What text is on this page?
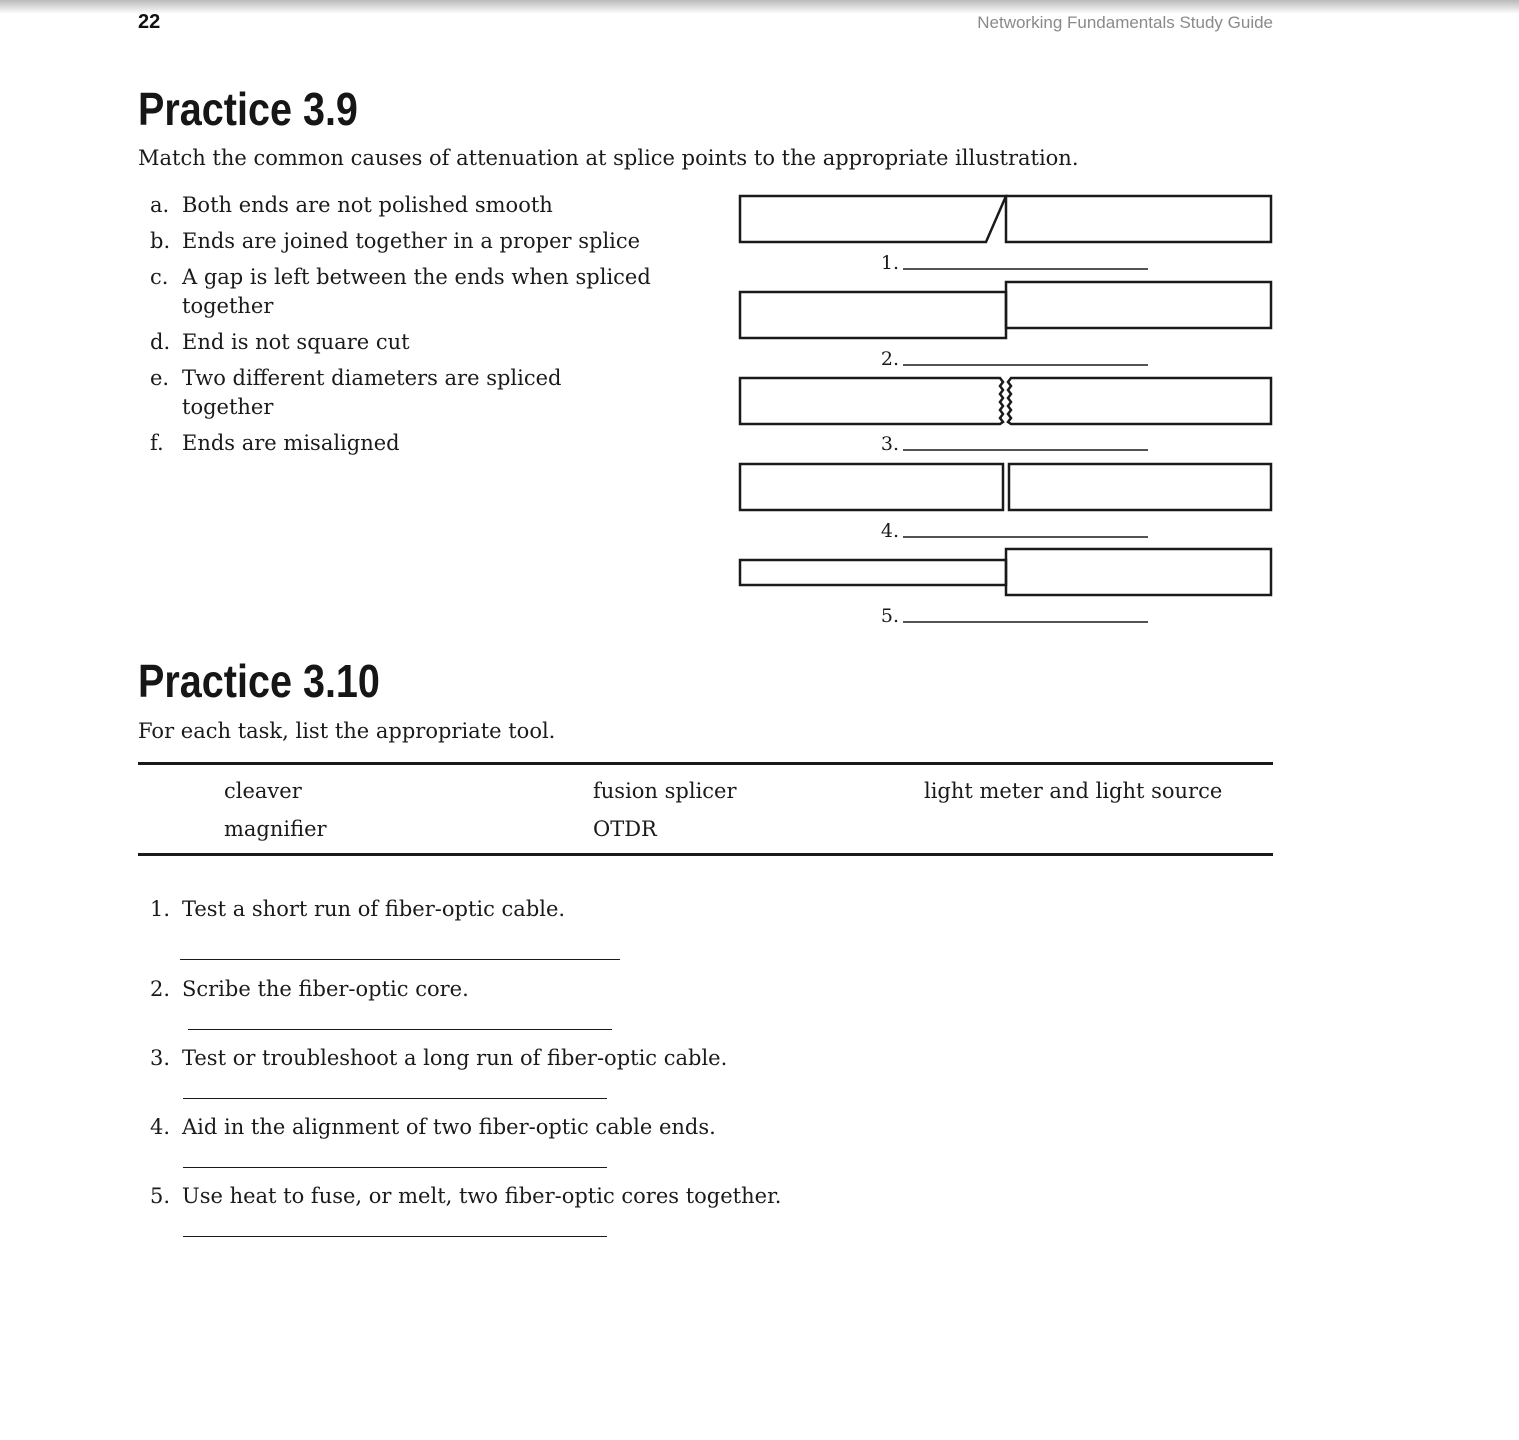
22	Networking Fundamentals Study Guide
Practice 3.9
Match the common causes of attenuation at splice points to the appropriate illustration.
a. Both ends are not polished smooth
b. Ends are joined together in a proper splice
c. A gap is left between the ends when spliced together
d. End is not square cut
e. Two different diameters are spliced together
f. Ends are misaligned
1.
2.
3.
4.
5.
Practice 3.10
For each task, list the appropriate tool.
cleaver	fusion splicer	light meter and light source
magnifier	OTDR
1. Test a short run of fiber-optic cable.
2. Scribe the fiber-optic core.
3. Test or troubleshoot a long run of fiber-optic cable.
4. Aid in the alignment of two fiber-optic cable ends.
5. Use heat to fuse, or melt, two fiber-optic cores together.
